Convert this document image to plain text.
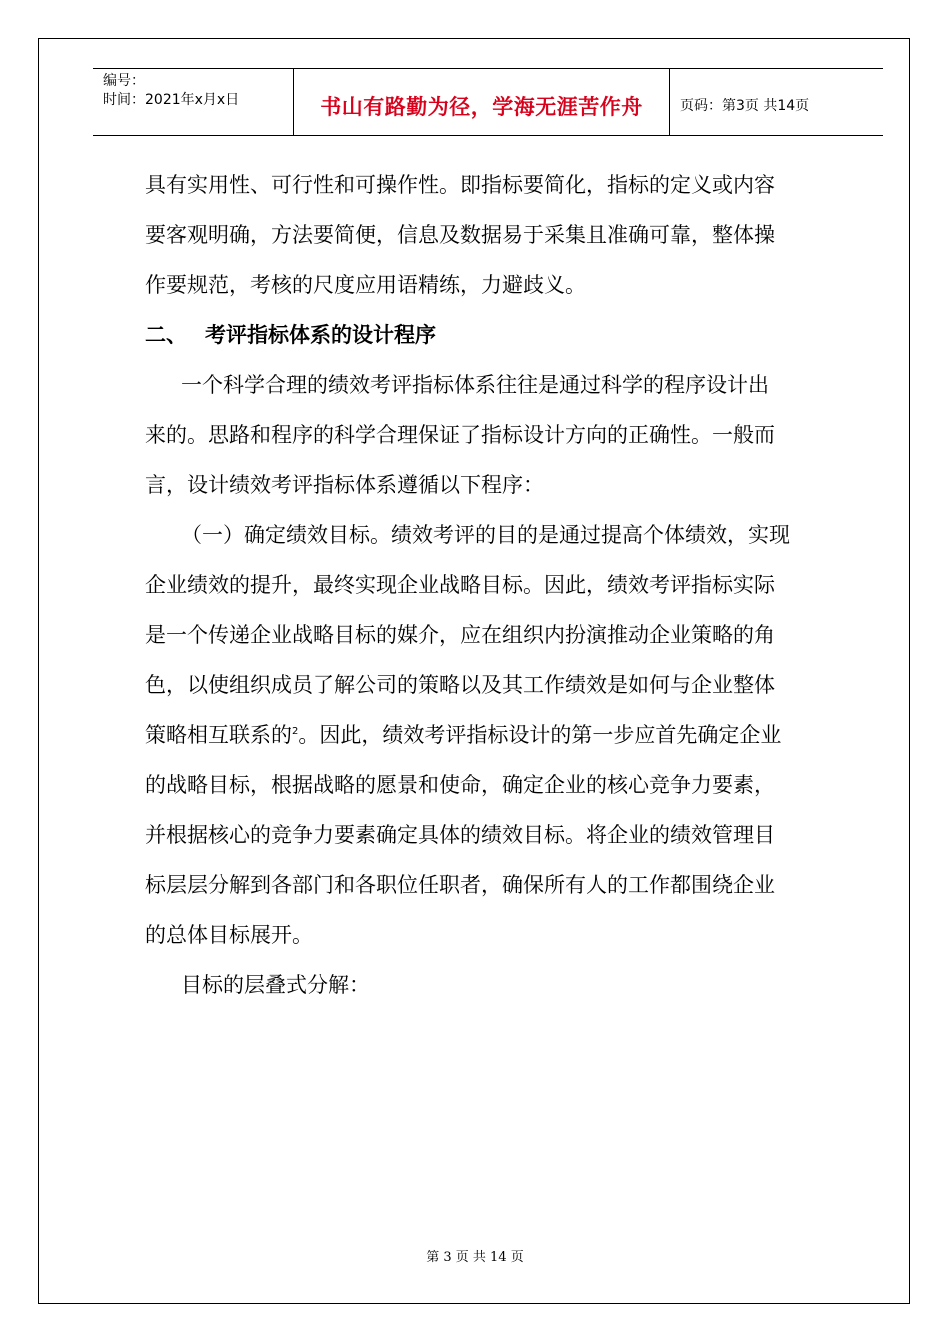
编号：
时间：2021年x月x日	书山有路勤为径，学海无涯苦作舟	页码：第3页 共14页
具有实用性、可行性和可操作性。即指标要简化，指标的定义或内容
要客观明确，方法要简便，信息及数据易于采集且准确可靠，整体操
作要规范，考核的尺度应用语精练，力避歧义。
二、 考评指标体系的设计程序
一个科学合理的绩效考评指标体系往往是通过科学的程序设计出
来的。思路和程序的科学合理保证了指标设计方向的正确性。一般而
言，设计绩效考评指标体系遵循以下程序：
（一）确定绩效目标。绩效考评的目的是通过提高个体绩效，实现
企业绩效的提升，最终实现企业战略目标。因此，绩效考评指标实际
是一个传递企业战略目标的媒介，应在组织内扮演推动企业策略的角
色，以使组织成员了解公司的策略以及其工作绩效是如何与企业整体
策略相互联系的$^2$。因此，绩效考评指标设计的第一步应首先确定企业
的战略目标，根据战略的愿景和使命，确定企业的核心竞争力要素，
并根据核心的竞争力要素确定具体的绩效目标。将企业的绩效管理目
标层层分解到各部门和各职位任职者，确保所有人的工作都围绕企业
的总体目标展开。
目标的层叠式分解：
第 3 页 共 14 页
